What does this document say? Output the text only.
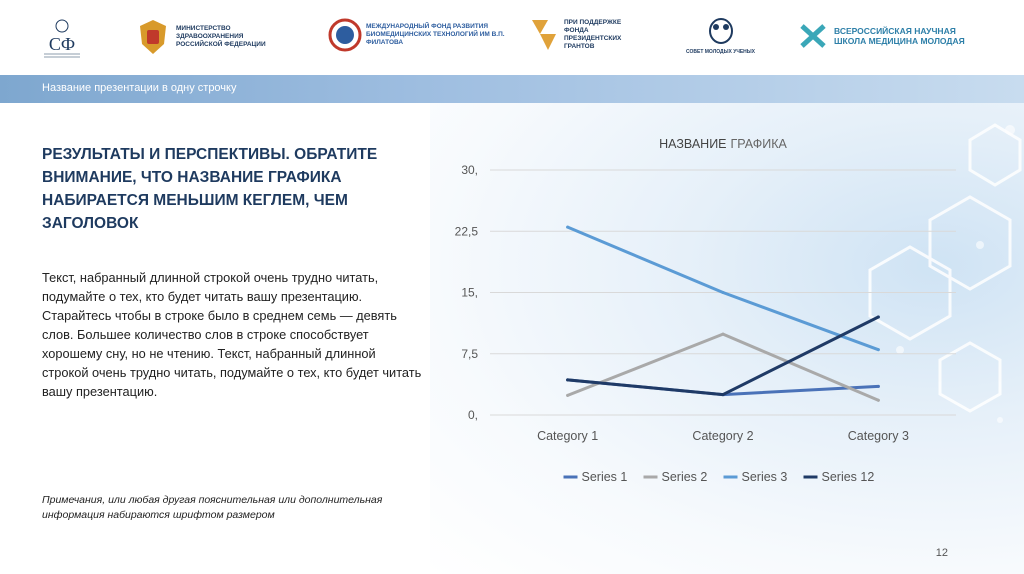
СФ
МИНИСТЕРСТВО ЗДРАВООХРАНЕНИЯ РОССИЙСКОЙ ФЕДЕРАЦИИ
МЕЖДУНАРОДНЫЙ ФОНД РАЗВИТИЯ БИОМЕДИЦИНСКИХ ТЕХНОЛОГИЙ ИМ В.П. ФИЛАТОВА
ПРИ ПОДДЕРЖКЕ ФОНДА ПРЕЗИДЕНТСКИХ ГРАНТОВ
СОВЕТ МОЛОДЫХ УЧЕНЫХ
ВСЕРОССИЙСКАЯ НАУЧНАЯ ШКОЛА МЕДИЦИНА МОЛОДАЯ
Название презентации в одну строчку
РЕЗУЛЬТАТЫ И ПЕРСПЕКТИВЫ. ОБРАТИТЕ ВНИМАНИЕ, ЧТО НАЗВАНИЕ ГРАФИКА НАБИРАЕТСЯ МЕНЬШИМ КЕГЛЕМ, ЧЕМ ЗАГОЛОВОК
Текст, набранный длинной строкой очень трудно читать, подумайте о тех, кто будет читать вашу презентацию. Старайтесь чтобы в строке было в среднем семь — девять слов. Большее количество слов в строке способствует хорошему сну, но не чтению. Текст, набранный длинной строкой очень трудно читать, подумайте о тех, кто будет читать вашу презентацию.
Примечания, или любая другая пояснительная или дополнительная информация набираются шрифтом размером
12
НАЗВАНИЕ ГРАФИКА
0,
7,5
15,
22,5
30,
Category 1	Category 2	Category 3
Series 1	Series 2	Series 3	Series 12
